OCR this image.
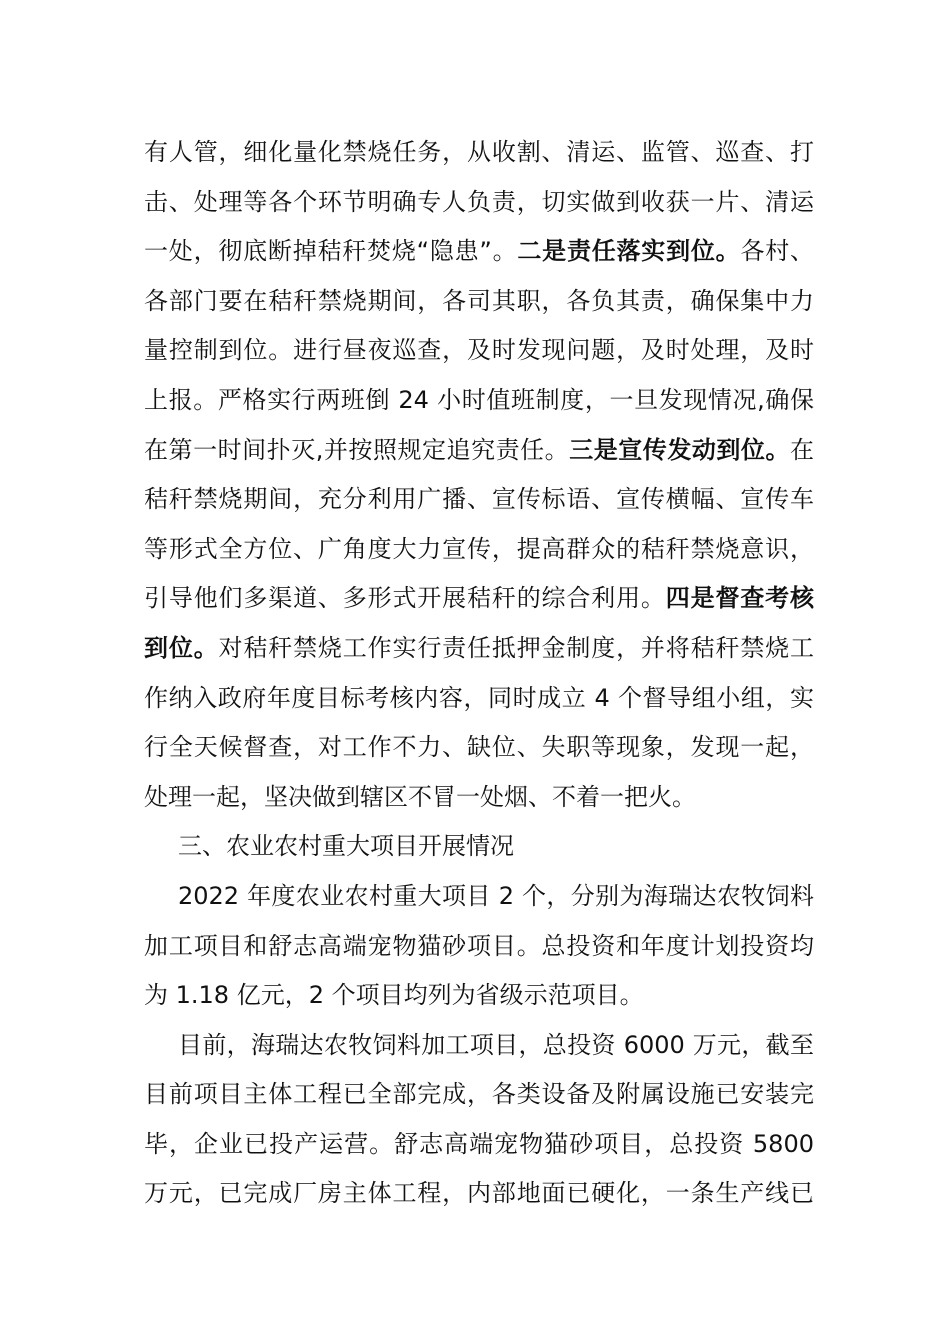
有人管，细化量化禁烧任务，从收割、清运、监管、巡查、打
击、处理等各个环节明确专人负责，切实做到收获一片、清运
一处，彻底断掉秸秆焚烧“隐患”。二是责任落实到位。各村、
各部门要在秸秆禁烧期间，各司其职，各负其责，确保集中力
量控制到位。进行昼夜巡查，及时发现问题，及时处理，及时
上报。严格实行两班倒 24 小时值班制度，一旦发现情况,确保
在第一时间扑灭,并按照规定追究责任。三是宣传发动到位。在
秸秆禁烧期间，充分利用广播、宣传标语、宣传横幅、宣传车
等形式全方位、广角度大力宣传，提高群众的秸秆禁烧意识，
引导他们多渠道、多形式开展秸秆的综合利用。四是督查考核
到位。对秸秆禁烧工作实行责任抵押金制度，并将秸秆禁烧工
作纳入政府年度目标考核内容，同时成立 4 个督导组小组，实
行全天候督查，对工作不力、缺位、失职等现象，发现一起，
处理一起，坚决做到辖区不冒一处烟、不着一把火。
三、农业农村重大项目开展情况
2022 年度农业农村重大项目 2 个，分别为海瑞达农牧饲料
加工项目和舒志高端宠物猫砂项目。总投资和年度计划投资均
为 1.18 亿元，2 个项目均列为省级示范项目。
目前，海瑞达农牧饲料加工项目，总投资 6000 万元，截至
目前项目主体工程已全部完成，各类设备及附属设施已安装完
毕，企业已投产运营。舒志高端宠物猫砂项目，总投资 5800
万元，已完成厂房主体工程，内部地面已硬化，一条生产线已
